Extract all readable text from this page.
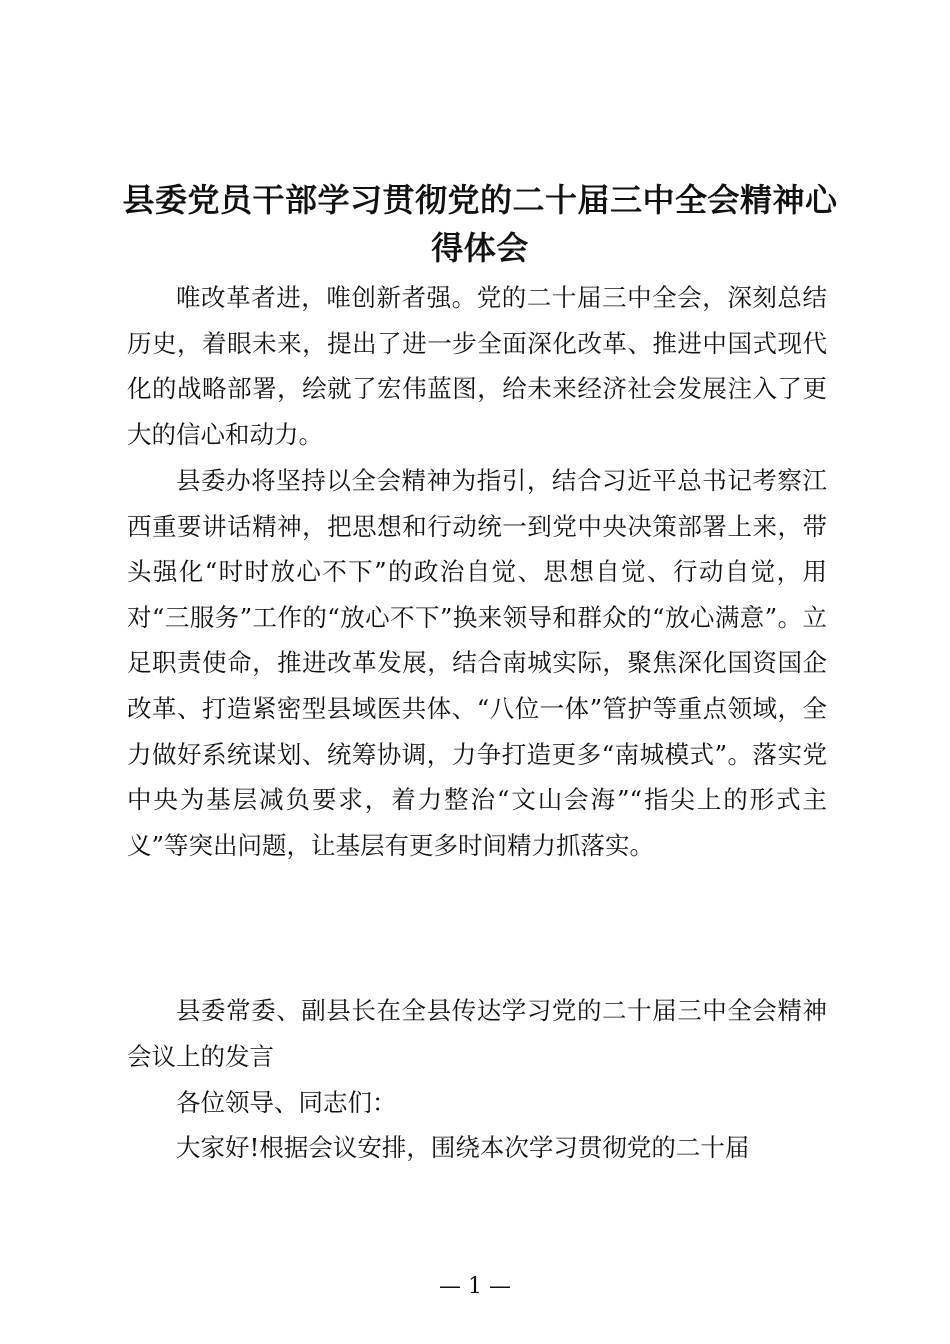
县委党员干部学习贯彻党的二十届三中全会精神心得体会

唯改革者进，唯创新者强。党的二十届三中全会，深刻总结历史，着眼未来，提出了进一步全面深化改革、推进中国式现代化的战略部署，绘就了宏伟蓝图，给未来经济社会发展注入了更大的信心和动力。

县委办将坚持以全会精神为指引，结合习近平总书记考察江西重要讲话精神，把思想和行动统一到党中央决策部署上来，带头强化“时时放心不下”的政治自觉、思想自觉、行动自觉，用对“三服务”工作的“放心不下”换来领导和群众的“放心满意”。立足职责使命，推进改革发展，结合南城实际，聚焦深化国资国企改革、打造紧密型县域医共体、“八位一体”管护等重点领域，全力做好系统谋划、统筹协调，力争打造更多“南城模式”。落实党中央为基层减负要求，着力整治“文山会海”“指尖上的形式主义”等突出问题，让基层有更多时间精力抓落实。

县委常委、副县长在全县传达学习党的二十届三中全会精神会议上的发言

各位领导、同志们：

大家好!根据会议安排，围绕本次学习贯彻党的二十届

— 1 —
